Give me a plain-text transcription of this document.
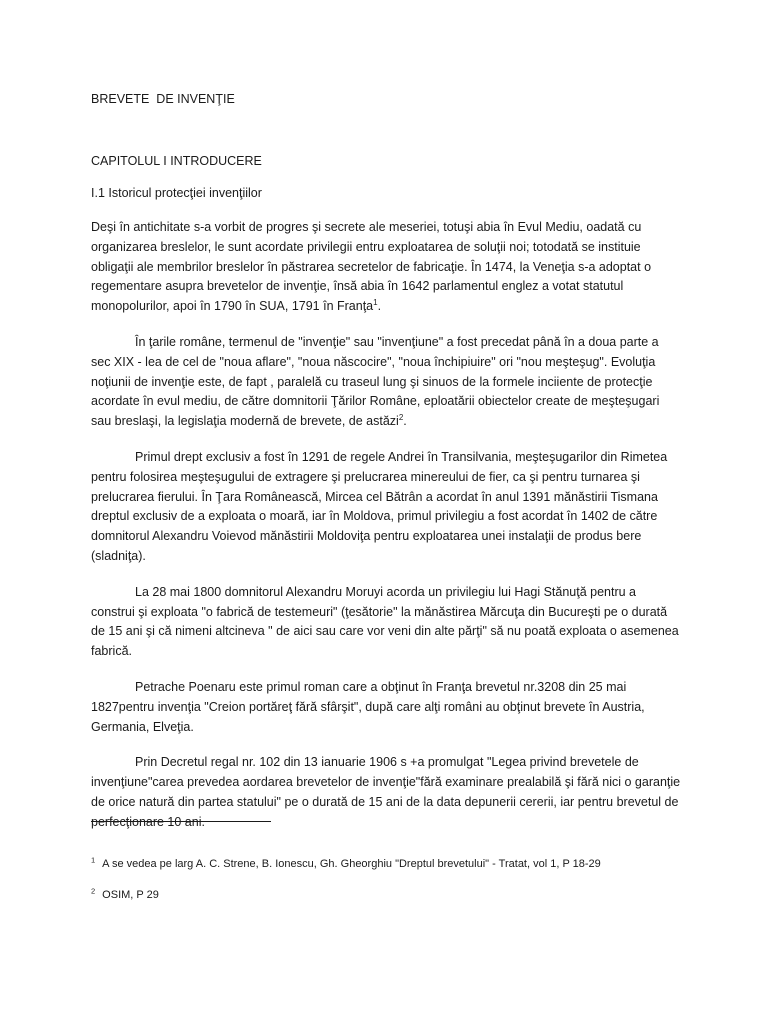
BREVETE  DE INVENŢIE
CAPITOLUL I INTRODUCERE
I.1 Istoricul protecţiei invenţiilor

Deşi în antichitate s-a vorbit de progres şi secrete ale meseriei, totuşi abia în Evul Mediu, oadată cu organizarea breslelor, le sunt acordate privilegii entru exploatarea de soluţii noi; totodată se instituie obligaţii ale membrilor breslelor în păstrarea secretelor de fabricaţie. În 1474, la Veneţia s-a adoptat o regementare asupra brevetelor de invenţie, însă abia în 1642 parlamentul englez a votat statutul monopolurilor, apoi în 1790 în SUA, 1791 în Franţa$^1$.

În ţarile române, termenul de "invenţie" sau "invenţiune" a fost precedat până în a doua parte a sec XIX - lea de cel de "noua aflare", "noua născocire", "noua închipiuire" ori "nou meşteşug". Evoluţia noţiunii de invenţie este, de fapt , paralelă cu traseul lung şi sinuos de la formele inciiente de protecţie acordate în evul mediu, de către domnitorii Ţărilor Române, eploatării obiectelor create de meşteşugari sau breslaşi, la legislaţia modernă de brevete, de astăzi$^2$.

Primul drept exclusiv a fost în 1291 de regele Andrei în Transilvania, meşteşugarilor din Rimetea pentru folosirea meşteşugului de extragere şi prelucrarea minereului de fier, ca şi pentru turnarea şi prelucrarea fierului. În Ţara Românească, Mircea cel Bătrân a acordat în anul 1391 mănăstirii Tismana dreptul exclusiv de a exploata o moară, iar în Moldova, primul privilegiu a fost acordat în 1402 de către domnitorul Alexandru Voievod mănăstirii Moldoviţa pentru exploatarea unei instalaţii de produs bere (sladniţa).

La 28 mai 1800 domnitorul Alexandru Moruyi acorda un privilegiu lui Hagi Stănuţă pentru a construi şi exploata "o fabrică de testemeuri" (ţesătorie" la mănăstirea Mărcuţa din Bucureşti pe o durată de 15 ani şi că nimeni altcineva " de aici sau care vor veni din alte părţi" să nu poată exploata o asemenea fabrică.

Petrache Poenaru este primul roman care a obţinut în Franţa brevetul nr.3208 din 25 mai 1827pentru invenţia "Creion portăreţ fără sfârşit", după care alţi români au obţinut brevete în Austria, Germania, Elveţia.

Prin Decretul regal nr. 102 din 13 ianuarie 1906 s +a promulgat "Legea privind brevetele de invenţiune"carea prevedea aordarea brevetelor de invenţie"fără examinare prealabilă şi fără nici o garanţie de orice natură din partea statului" pe o durată de 15 ani de la data depunerii cererii, iar pentru brevetul de perfecţionare 10 ani.

$^1$ A se vedea pe larg A. C. Strene, B. Ionescu, Gh. Gheorghiu "Dreptul brevetului" - Tratat, vol 1, P 18-29

$^2$ OSIM, P 29
